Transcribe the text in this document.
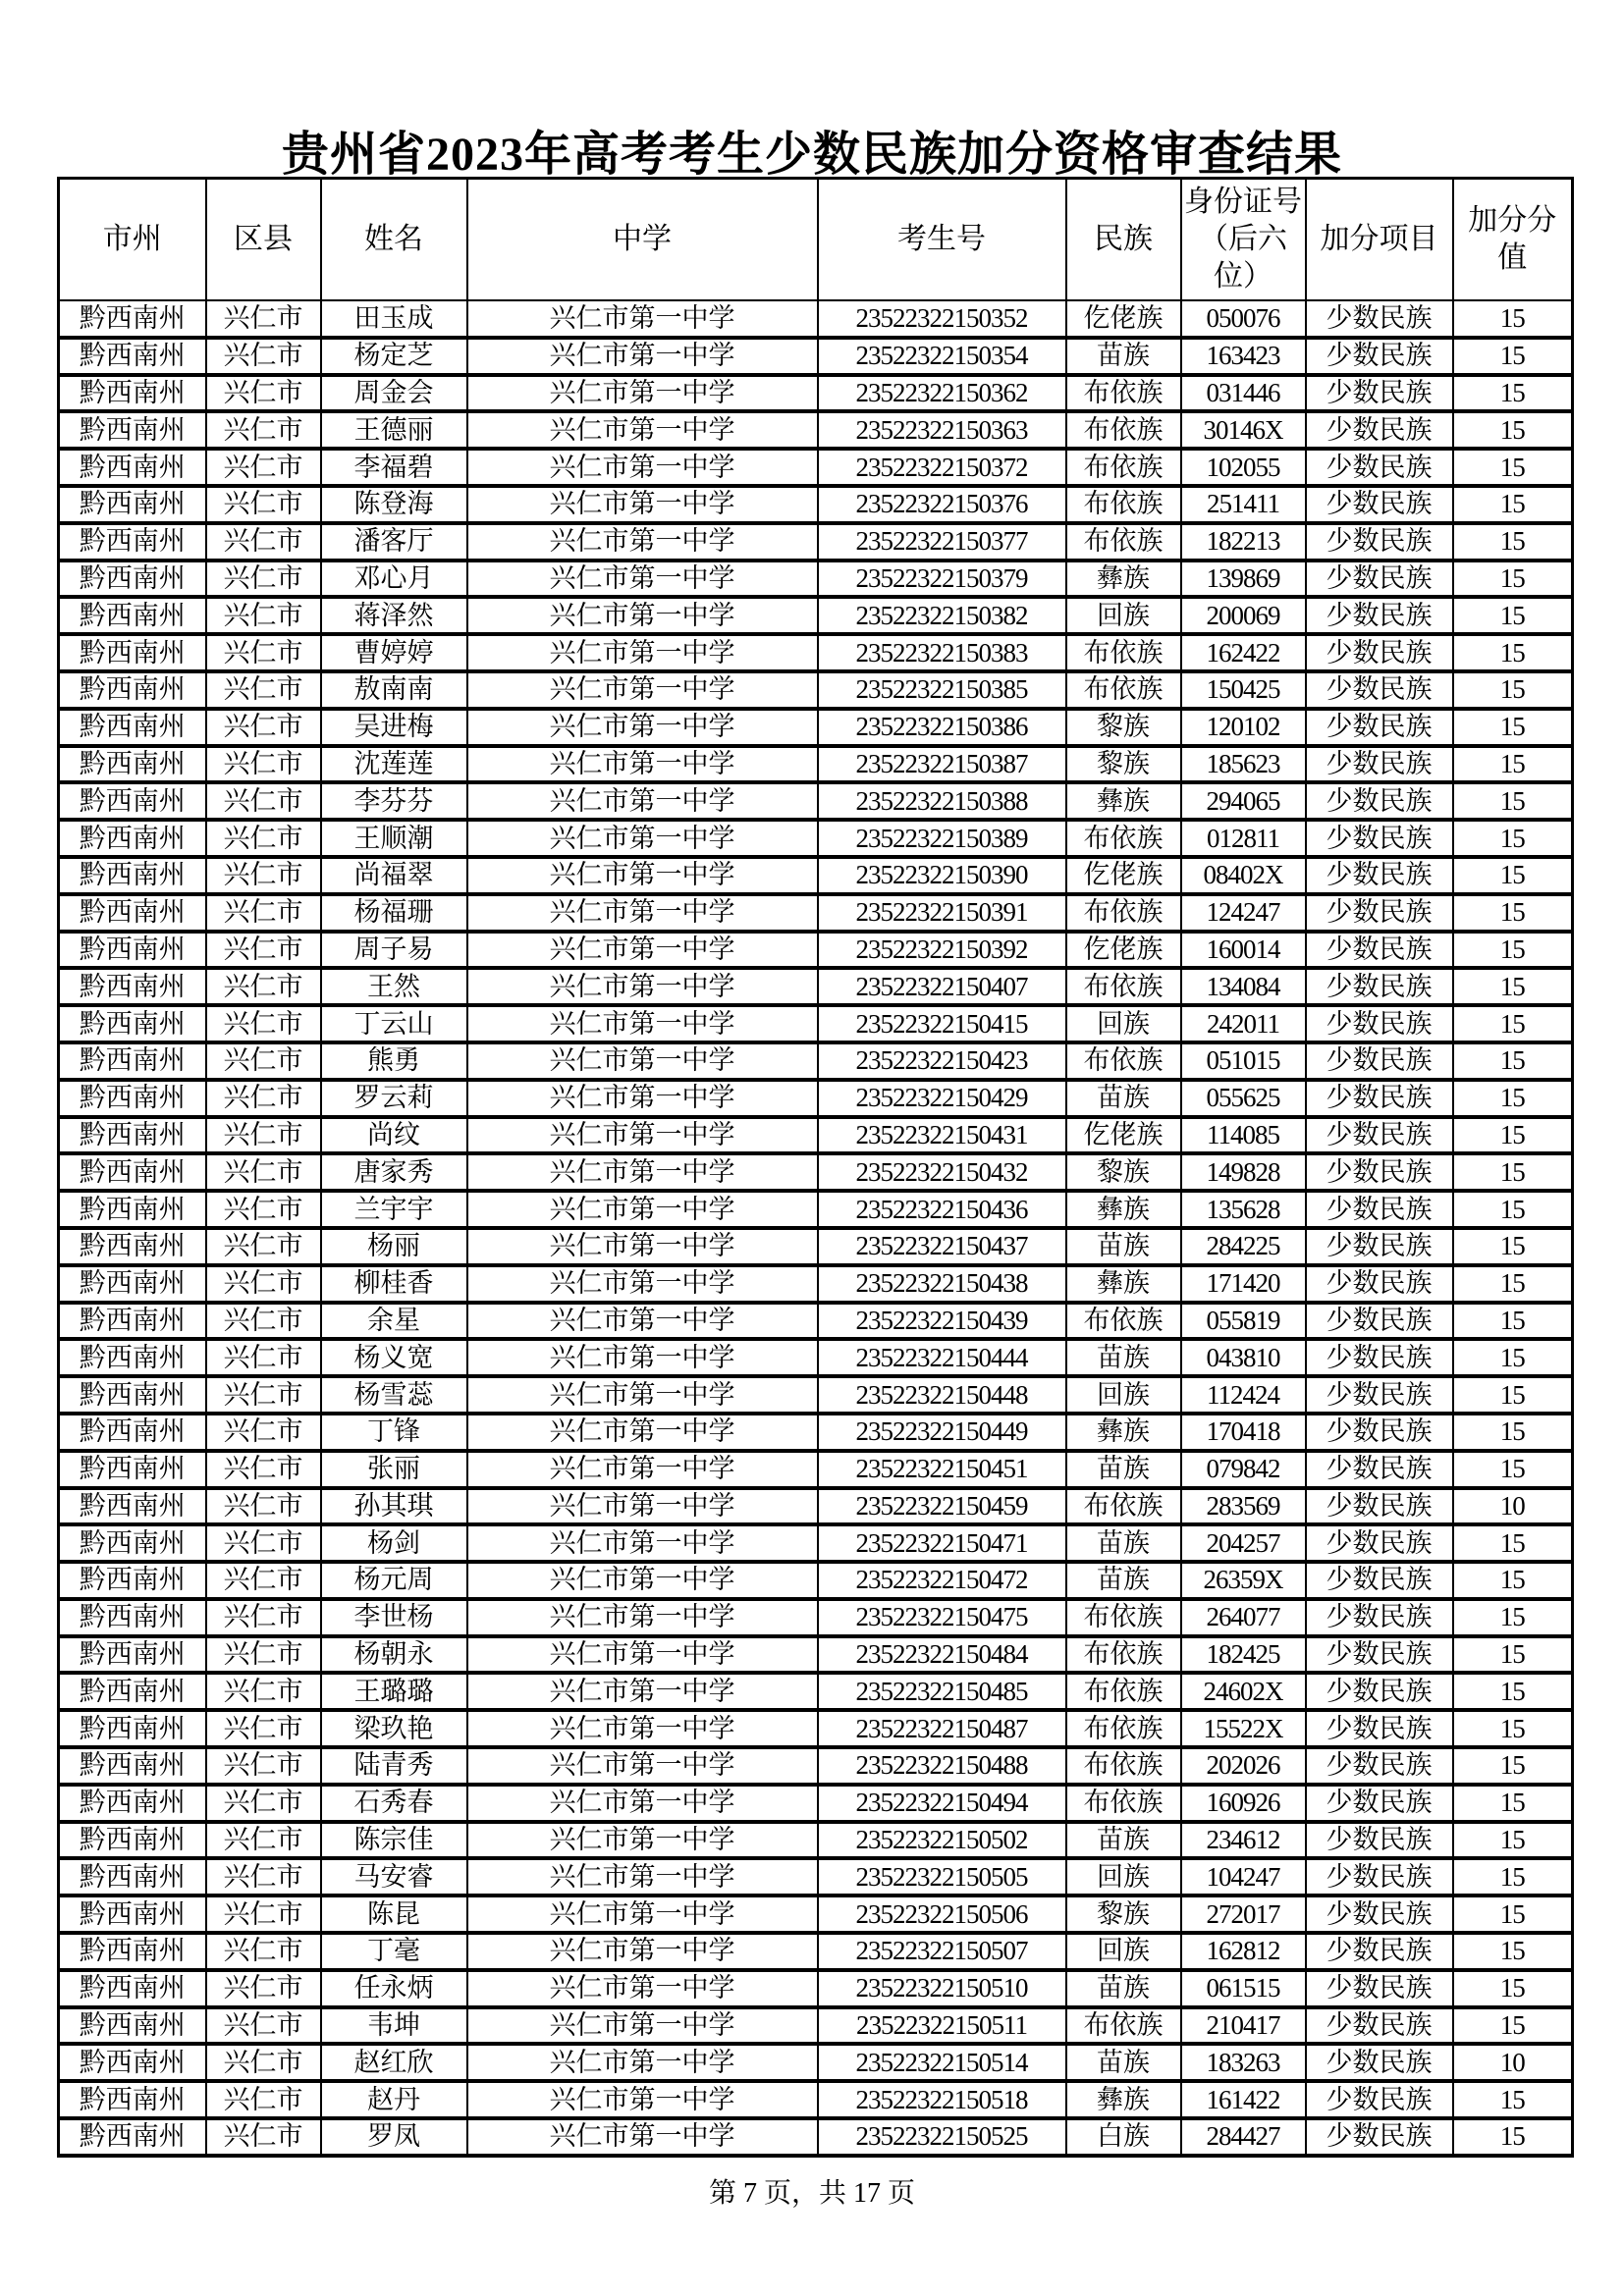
贵州省2023年高考考生少数民族加分资格审查结果
市州	区县	姓名	中学	考生号	民族	身份证号（后六位）	加分项目	加分分值
黔西南州	兴仁市	田玉成	兴仁市第一中学	23522322150352	仡佬族	050076	少数民族	15
黔西南州	兴仁市	杨定芝	兴仁市第一中学	23522322150354	苗族	163423	少数民族	15
黔西南州	兴仁市	周金会	兴仁市第一中学	23522322150362	布依族	031446	少数民族	15
黔西南州	兴仁市	王德丽	兴仁市第一中学	23522322150363	布依族	30146X	少数民族	15
黔西南州	兴仁市	李福碧	兴仁市第一中学	23522322150372	布依族	102055	少数民族	15
黔西南州	兴仁市	陈登海	兴仁市第一中学	23522322150376	布依族	251411	少数民族	15
黔西南州	兴仁市	潘客厅	兴仁市第一中学	23522322150377	布依族	182213	少数民族	15
黔西南州	兴仁市	邓心月	兴仁市第一中学	23522322150379	彝族	139869	少数民族	15
黔西南州	兴仁市	蒋泽然	兴仁市第一中学	23522322150382	回族	200069	少数民族	15
黔西南州	兴仁市	曹婷婷	兴仁市第一中学	23522322150383	布依族	162422	少数民族	15
黔西南州	兴仁市	敖南南	兴仁市第一中学	23522322150385	布依族	150425	少数民族	15
黔西南州	兴仁市	吴进梅	兴仁市第一中学	23522322150386	黎族	120102	少数民族	15
黔西南州	兴仁市	沈莲莲	兴仁市第一中学	23522322150387	黎族	185623	少数民族	15
黔西南州	兴仁市	李芬芬	兴仁市第一中学	23522322150388	彝族	294065	少数民族	15
黔西南州	兴仁市	王顺潮	兴仁市第一中学	23522322150389	布依族	012811	少数民族	15
黔西南州	兴仁市	尚福翠	兴仁市第一中学	23522322150390	仡佬族	08402X	少数民族	15
黔西南州	兴仁市	杨福珊	兴仁市第一中学	23522322150391	布依族	124247	少数民族	15
黔西南州	兴仁市	周子易	兴仁市第一中学	23522322150392	仡佬族	160014	少数民族	15
黔西南州	兴仁市	王然	兴仁市第一中学	23522322150407	布依族	134084	少数民族	15
黔西南州	兴仁市	丁云山	兴仁市第一中学	23522322150415	回族	242011	少数民族	15
黔西南州	兴仁市	熊勇	兴仁市第一中学	23522322150423	布依族	051015	少数民族	15
黔西南州	兴仁市	罗云莉	兴仁市第一中学	23522322150429	苗族	055625	少数民族	15
黔西南州	兴仁市	尚纹	兴仁市第一中学	23522322150431	仡佬族	114085	少数民族	15
黔西南州	兴仁市	唐家秀	兴仁市第一中学	23522322150432	黎族	149828	少数民族	15
黔西南州	兴仁市	兰宇宇	兴仁市第一中学	23522322150436	彝族	135628	少数民族	15
黔西南州	兴仁市	杨丽	兴仁市第一中学	23522322150437	苗族	284225	少数民族	15
黔西南州	兴仁市	柳桂香	兴仁市第一中学	23522322150438	彝族	171420	少数民族	15
黔西南州	兴仁市	余星	兴仁市第一中学	23522322150439	布依族	055819	少数民族	15
黔西南州	兴仁市	杨义宽	兴仁市第一中学	23522322150444	苗族	043810	少数民族	15
黔西南州	兴仁市	杨雪蕊	兴仁市第一中学	23522322150448	回族	112424	少数民族	15
黔西南州	兴仁市	丁锋	兴仁市第一中学	23522322150449	彝族	170418	少数民族	15
黔西南州	兴仁市	张丽	兴仁市第一中学	23522322150451	苗族	079842	少数民族	15
黔西南州	兴仁市	孙其琪	兴仁市第一中学	23522322150459	布依族	283569	少数民族	10
黔西南州	兴仁市	杨剑	兴仁市第一中学	23522322150471	苗族	204257	少数民族	15
黔西南州	兴仁市	杨元周	兴仁市第一中学	23522322150472	苗族	26359X	少数民族	15
黔西南州	兴仁市	李世杨	兴仁市第一中学	23522322150475	布依族	264077	少数民族	15
黔西南州	兴仁市	杨朝永	兴仁市第一中学	23522322150484	布依族	182425	少数民族	15
黔西南州	兴仁市	王璐璐	兴仁市第一中学	23522322150485	布依族	24602X	少数民族	15
黔西南州	兴仁市	梁玖艳	兴仁市第一中学	23522322150487	布依族	15522X	少数民族	15
黔西南州	兴仁市	陆青秀	兴仁市第一中学	23522322150488	布依族	202026	少数民族	15
黔西南州	兴仁市	石秀春	兴仁市第一中学	23522322150494	布依族	160926	少数民族	15
黔西南州	兴仁市	陈宗佳	兴仁市第一中学	23522322150502	苗族	234612	少数民族	15
黔西南州	兴仁市	马安睿	兴仁市第一中学	23522322150505	回族	104247	少数民族	15
黔西南州	兴仁市	陈昆	兴仁市第一中学	23522322150506	黎族	272017	少数民族	15
黔西南州	兴仁市	丁毫	兴仁市第一中学	23522322150507	回族	162812	少数民族	15
黔西南州	兴仁市	任永炳	兴仁市第一中学	23522322150510	苗族	061515	少数民族	15
黔西南州	兴仁市	韦坤	兴仁市第一中学	23522322150511	布依族	210417	少数民族	15
黔西南州	兴仁市	赵红欣	兴仁市第一中学	23522322150514	苗族	183263	少数民族	10
黔西南州	兴仁市	赵丹	兴仁市第一中学	23522322150518	彝族	161422	少数民族	15
黔西南州	兴仁市	罗凤	兴仁市第一中学	23522322150525	白族	284427	少数民族	15
第 7 页，共 17 页
